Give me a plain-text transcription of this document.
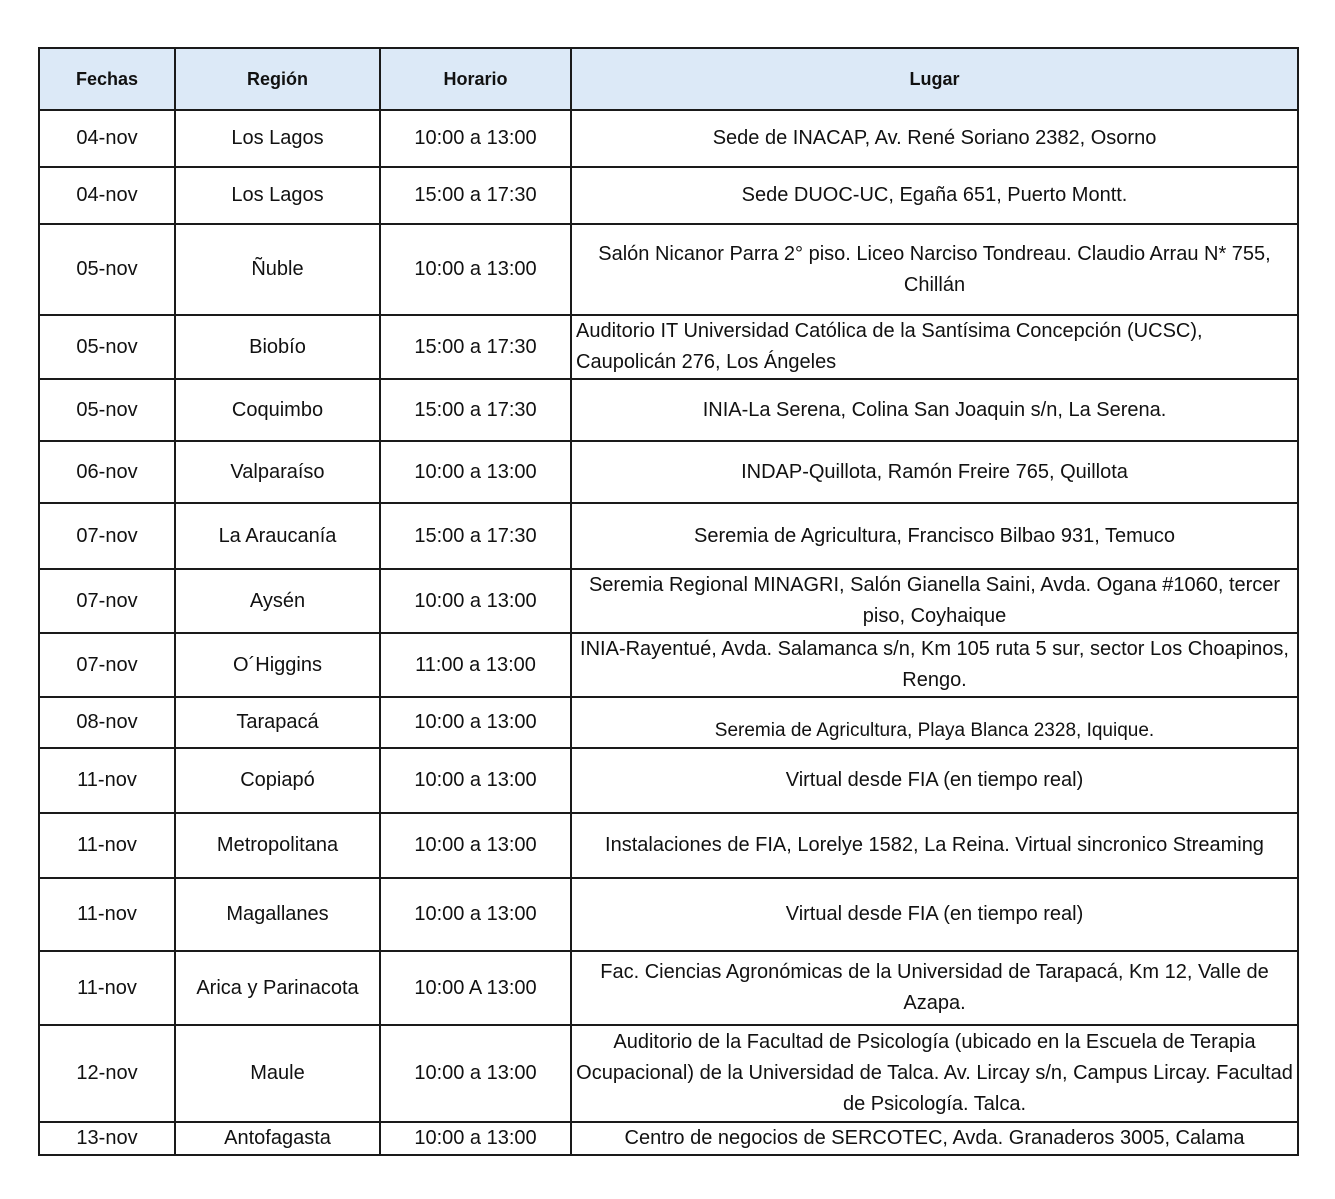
Fechas	Región	Horario	Lugar
04-nov	Los Lagos	10:00 a 13:00	Sede de INACAP, Av. René Soriano 2382, Osorno
04-nov	Los Lagos	15:00 a 17:30	Sede DUOC-UC, Egaña 651, Puerto Montt.
05-nov	Ñuble	10:00 a 13:00	Salón Nicanor Parra 2° piso. Liceo Narciso Tondreau. Claudio Arrau N* 755, Chillán
05-nov	Biobío	15:00 a 17:30	Auditorio IT Universidad Católica de la Santísima Concepción (UCSC), Caupolicán 276, Los Ángeles
05-nov	Coquimbo	15:00 a 17:30	INIA-La Serena, Colina San Joaquin s/n, La Serena.
06-nov	Valparaíso	10:00 a 13:00	INDAP-Quillota, Ramón Freire 765, Quillota
07-nov	La Araucanía	15:00 a 17:30	Seremia de Agricultura, Francisco Bilbao 931, Temuco
07-nov	Aysén	10:00 a 13:00	Seremia Regional MINAGRI, Salón Gianella Saini, Avda. Ogana #1060, tercer piso, Coyhaique
07-nov	O´Higgins	11:00 a 13:00	INIA-Rayentué, Avda. Salamanca s/n, Km 105 ruta 5 sur, sector Los Choapinos, Rengo.
08-nov	Tarapacá	10:00 a 13:00	Seremia de Agricultura, Playa Blanca 2328, Iquique.
11-nov	Copiapó	10:00 a 13:00	Virtual desde FIA (en tiempo real)
11-nov	Metropolitana	10:00 a 13:00	Instalaciones de FIA, Lorelye 1582, La Reina. Virtual sincronico Streaming
11-nov	Magallanes	10:00 a 13:00	Virtual desde FIA (en tiempo real)
11-nov	Arica y Parinacota	10:00 A 13:00	Fac. Ciencias Agronómicas de la Universidad de Tarapacá, Km 12, Valle de Azapa.
12-nov	Maule	10:00 a 13:00	Auditorio de la Facultad de Psicología (ubicado en la Escuela de Terapia Ocupacional) de la Universidad de Talca. Av. Lircay s/n, Campus Lircay. Facultad de Psicología. Talca.
13-nov	Antofagasta	10:00 a 13:00	Centro de negocios de SERCOTEC, Avda. Granaderos 3005, Calama
